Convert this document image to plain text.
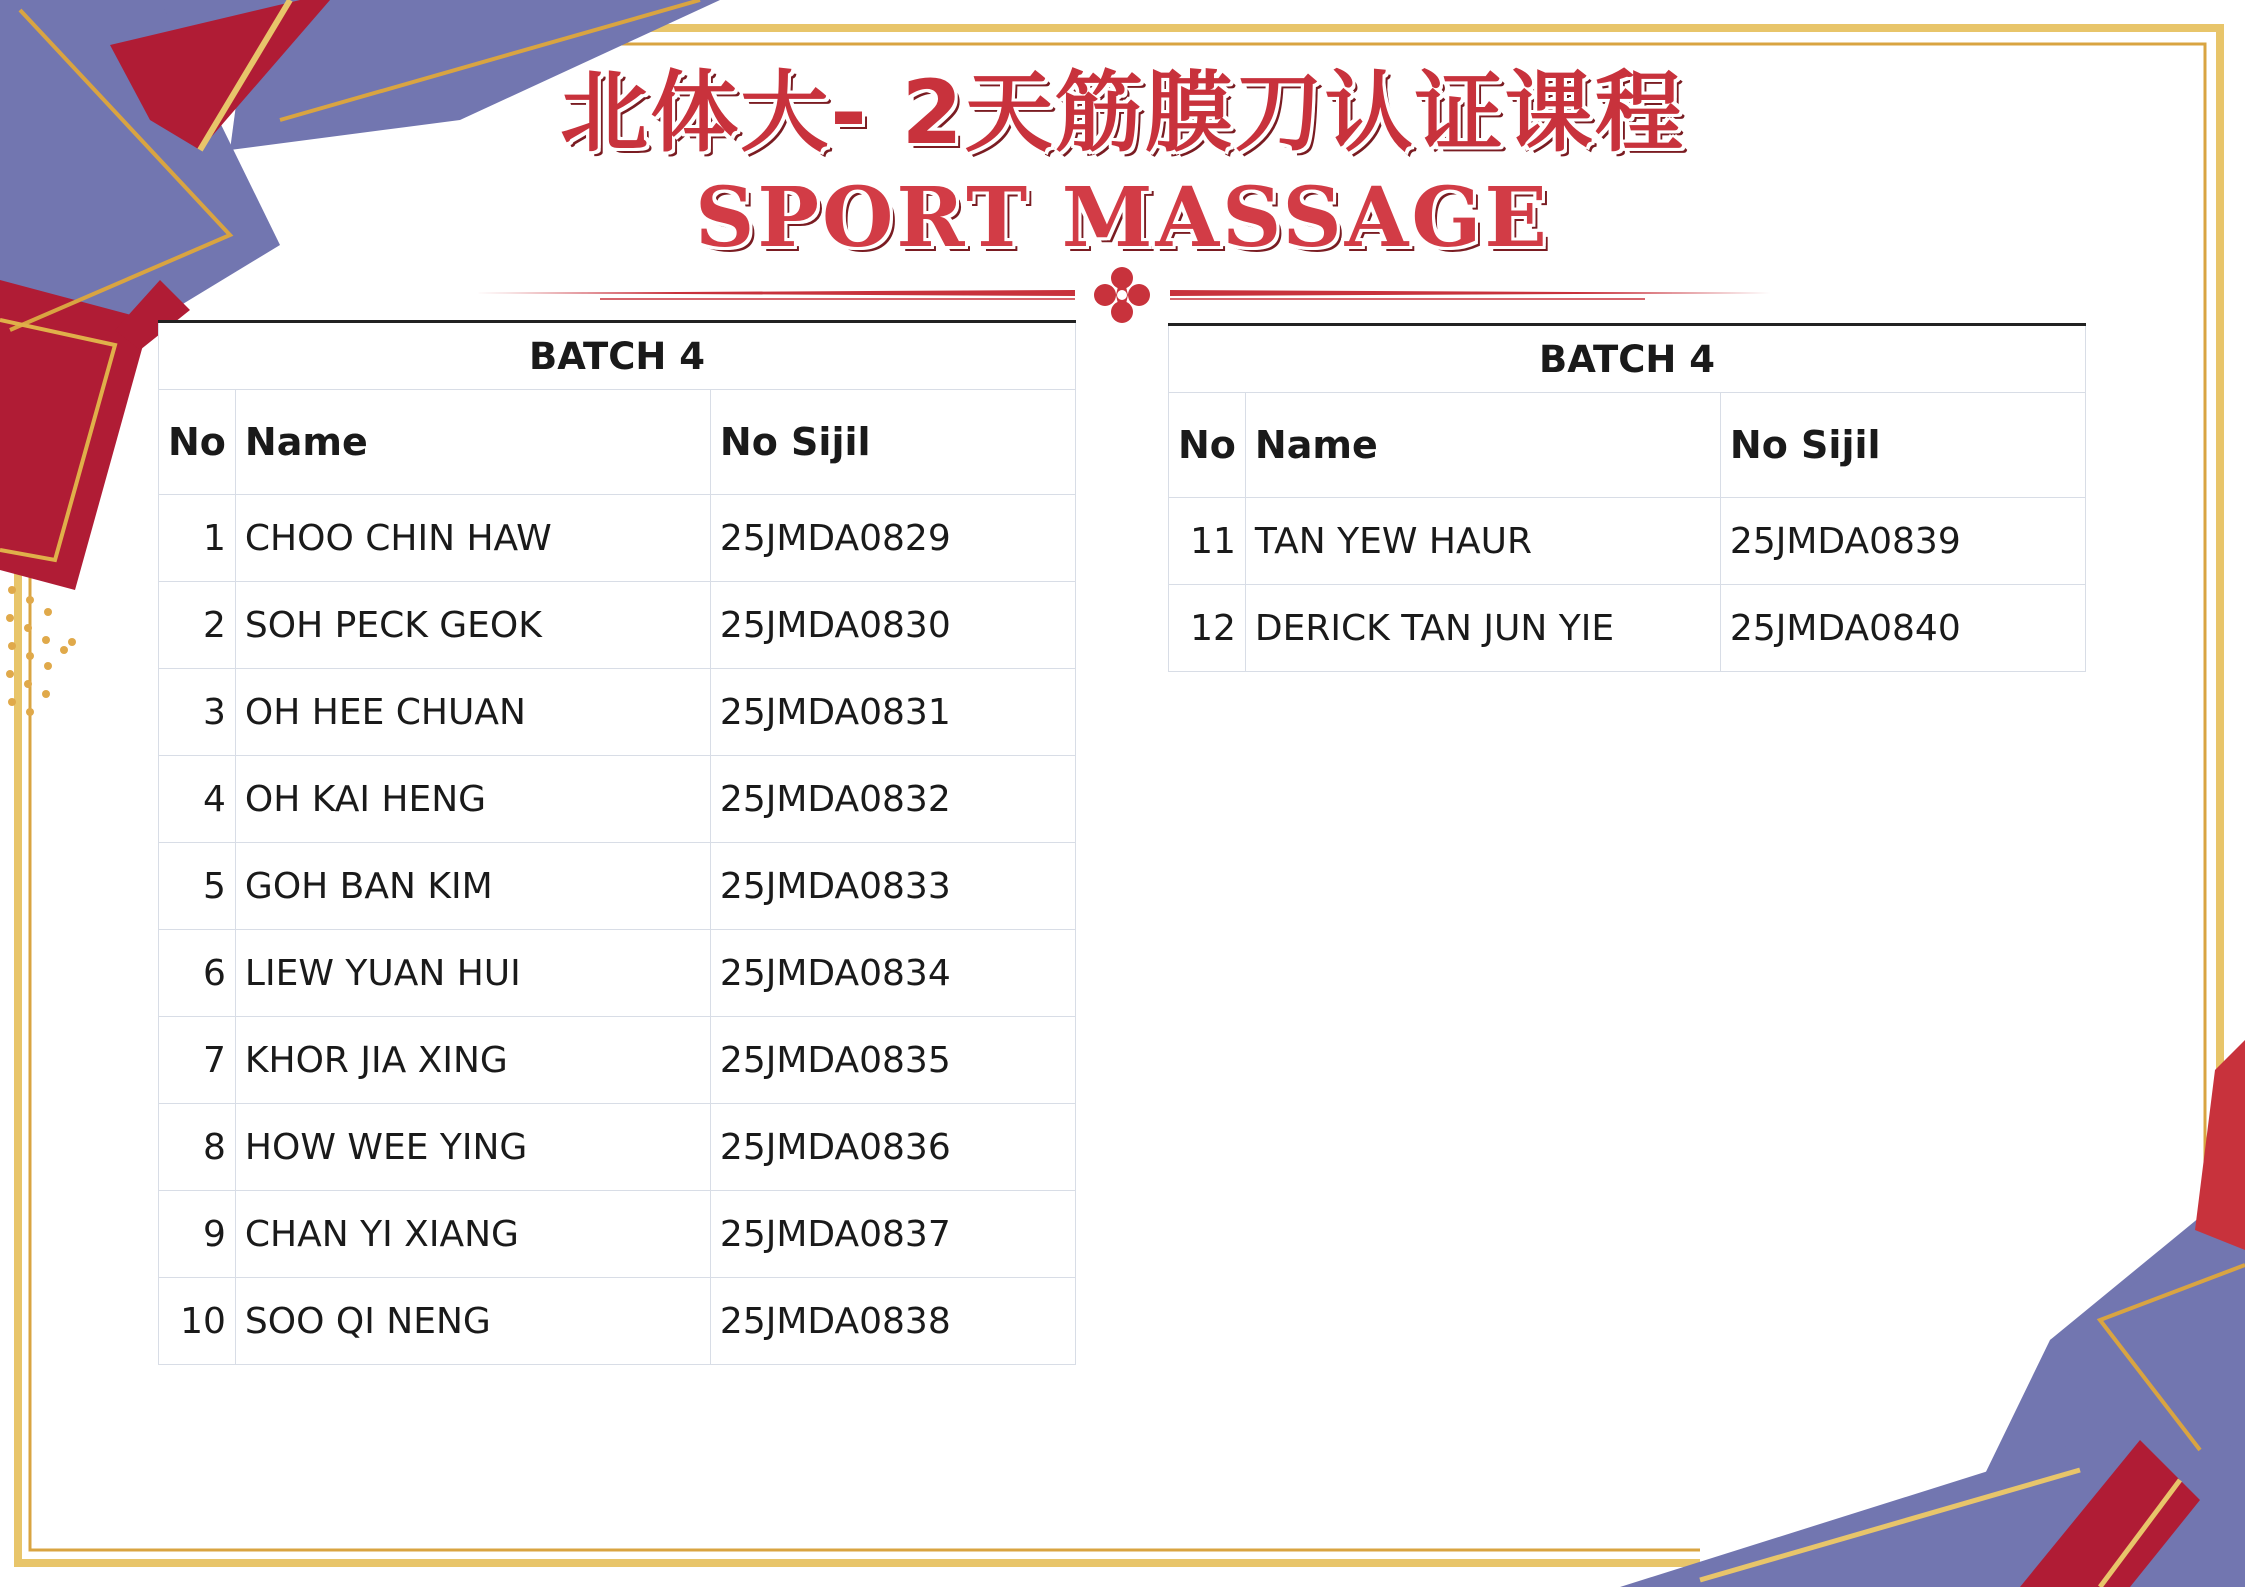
北体大- 2天筋膜刀认证课程
SPORT MASSAGE
BATCH 4		
No	Name	No Sijil
1	CHOO CHIN HAW	25JMDA0829
2	SOH PECK GEOK	25JMDA0830
3	OH HEE CHUAN	25JMDA0831
4	OH KAI HENG	25JMDA0832
5	GOH BAN KIM	25JMDA0833
6	LIEW YUAN HUI	25JMDA0834
7	KHOR JIA XING	25JMDA0835
8	HOW WEE YING	25JMDA0836
9	CHAN YI XIANG	25JMDA0837
10	SOO QI NENG	25JMDA0838
BATCH 4		
No	Name	No Sijil
11	TAN YEW HAUR	25JMDA0839
12	DERICK TAN JUN YIE	25JMDA0840
